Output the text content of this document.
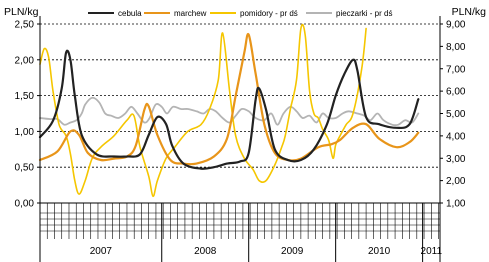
0,00
0,50
1,00
1,50
2,00
2,50
1,00
2,00
3,00
4,00
5,00
6,00
7,00
8,00
9,00
2007	2008	2009	2010	2011
cebula	marchew	pomidory - pr dś	pieczarki - pr dś
PLN/kg	PLN/kg
